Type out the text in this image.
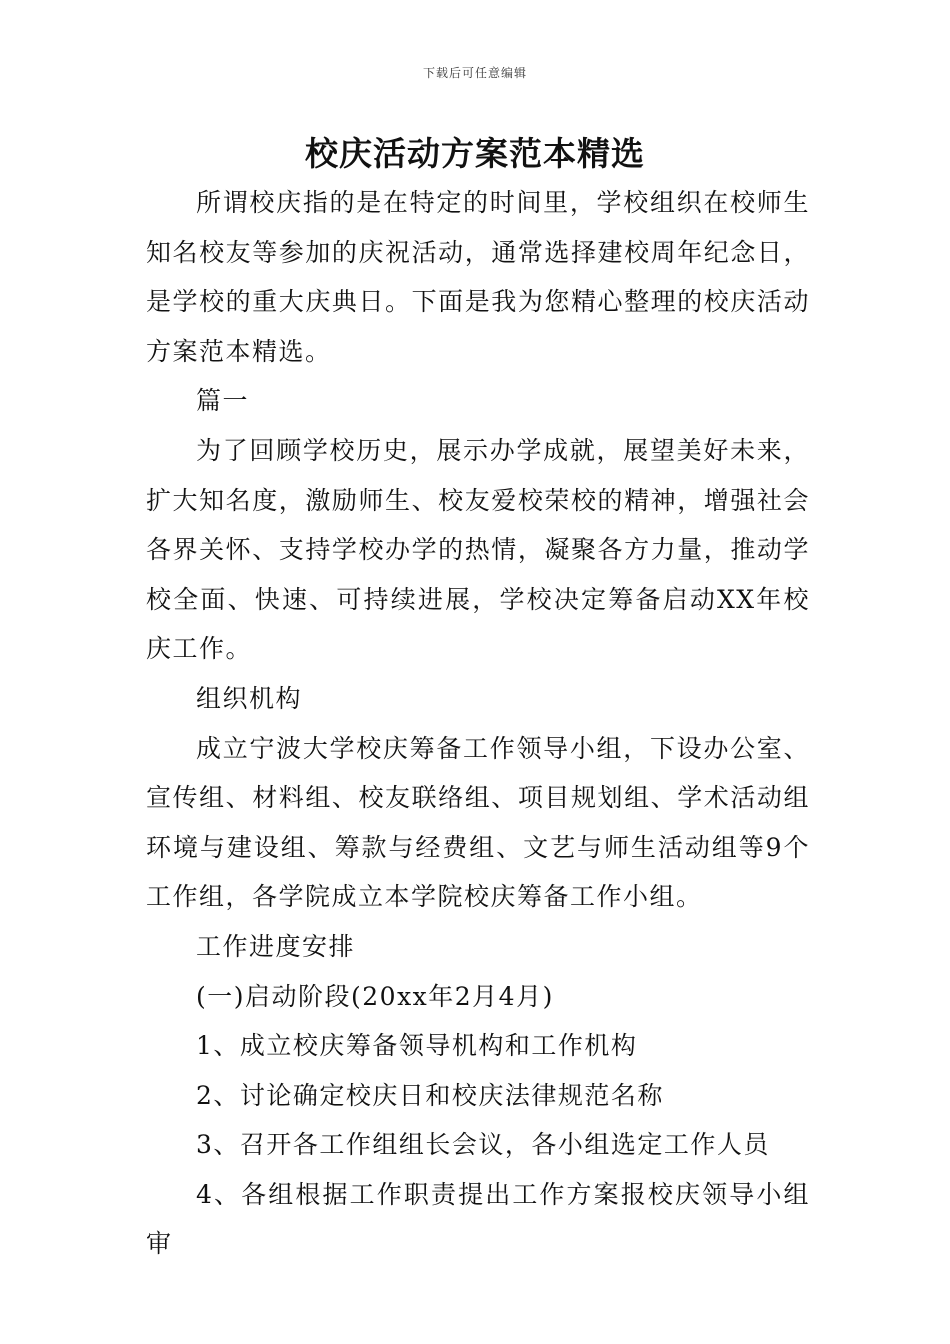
下载后可任意编辑
校庆活动方案范本精选

所谓校庆指的是在特定的时间里，学校组织在校师生知名校友等参加的庆祝活动，通常选择建校周年纪念日，是学校的重大庆典日。下面是我为您精心整理的校庆活动方案范本精选。

篇一

为了回顾学校历史，展示办学成就，展望美好未来，扩大知名度，激励师生、校友爱校荣校的精神，增强社会各界关怀、支持学校办学的热情，凝聚各方力量，推动学校全面、快速、可持续进展，学校决定筹备启动XX年校庆工作。

组织机构

成立宁波大学校庆筹备工作领导小组，下设办公室、宣传组、材料组、校友联络组、项目规划组、学术活动组环境与建设组、筹款与经费组、文艺与师生活动组等9个工作组，各学院成立本学院校庆筹备工作小组。

工作进度安排

(一)启动阶段(20xx年2月4月)

1、成立校庆筹备领导机构和工作机构

2、讨论确定校庆日和校庆法律规范名称

3、召开各工作组组长会议，各小组选定工作人员

4、各组根据工作职责提出工作方案报校庆领导小组审
